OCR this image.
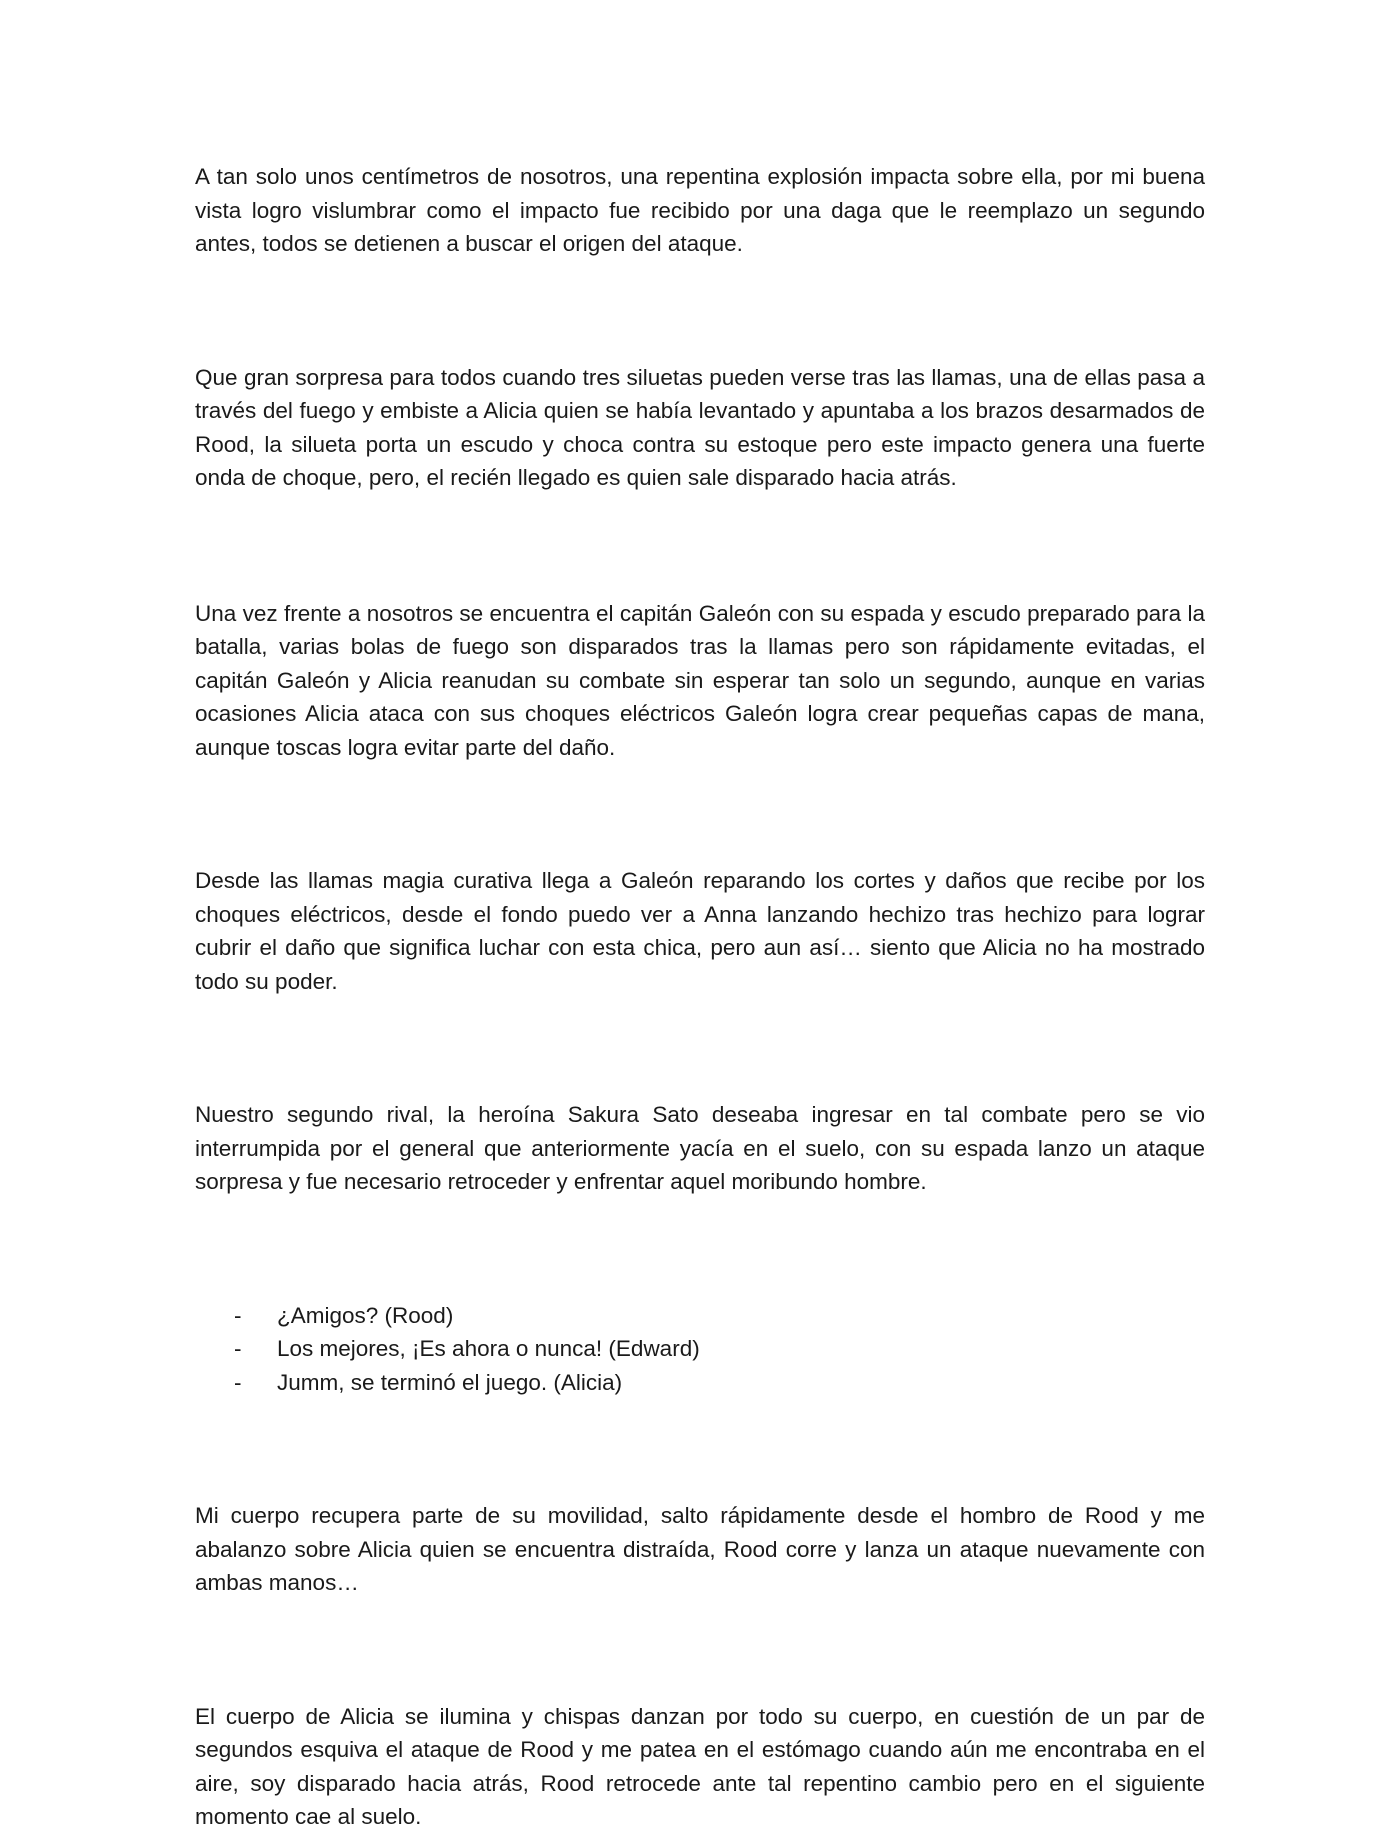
A tan solo unos centímetros de nosotros, una repentina explosión impacta sobre ella, por mi buena vista logro vislumbrar como el impacto fue recibido por una daga que le reemplazo un segundo antes, todos se detienen a buscar el origen del ataque.

Que gran sorpresa para todos cuando tres siluetas pueden verse tras las llamas, una de ellas pasa a través del fuego y embiste a Alicia quien se había levantado y apuntaba a los brazos desarmados de Rood, la silueta porta un escudo y choca contra su estoque pero este impacto genera una fuerte onda de choque, pero, el recién llegado es quien sale disparado hacia atrás.

Una vez frente a nosotros se encuentra el capitán Galeón con su espada y escudo preparado para la batalla, varias bolas de fuego son disparados tras la llamas pero son rápidamente evitadas, el capitán Galeón y Alicia reanudan su combate sin esperar tan solo un segundo, aunque en varias ocasiones Alicia ataca con sus choques eléctricos Galeón logra crear pequeñas capas de mana, aunque toscas logra evitar parte del daño.

Desde las llamas magia curativa llega a Galeón reparando los cortes y daños que recibe por los choques eléctricos, desde el fondo puedo ver a Anna lanzando hechizo tras hechizo para lograr cubrir el daño que significa luchar con esta chica, pero aun así… siento que Alicia no ha mostrado todo su poder.

Nuestro segundo rival, la heroína Sakura Sato deseaba ingresar en tal combate pero se vio interrumpida por el general que anteriormente yacía en el suelo, con su espada lanzo un ataque sorpresa y fue necesario retroceder y enfrentar aquel moribundo hombre.

- ¿Amigos? (Rood)
- Los mejores, ¡Es ahora o nunca! (Edward)
- Jumm, se terminó el juego. (Alicia)

Mi cuerpo recupera parte de su movilidad, salto rápidamente desde el hombro de Rood y me abalanzo sobre Alicia quien se encuentra distraída, Rood corre y lanza un ataque nuevamente con ambas manos…

El cuerpo de Alicia se ilumina y chispas danzan por todo su cuerpo, en cuestión de un par de segundos esquiva el ataque de Rood y me patea en el estómago cuando aún me encontraba en el aire, soy disparado hacia atrás, Rood retrocede ante tal repentino cambio pero en el siguiente momento cae al suelo.
